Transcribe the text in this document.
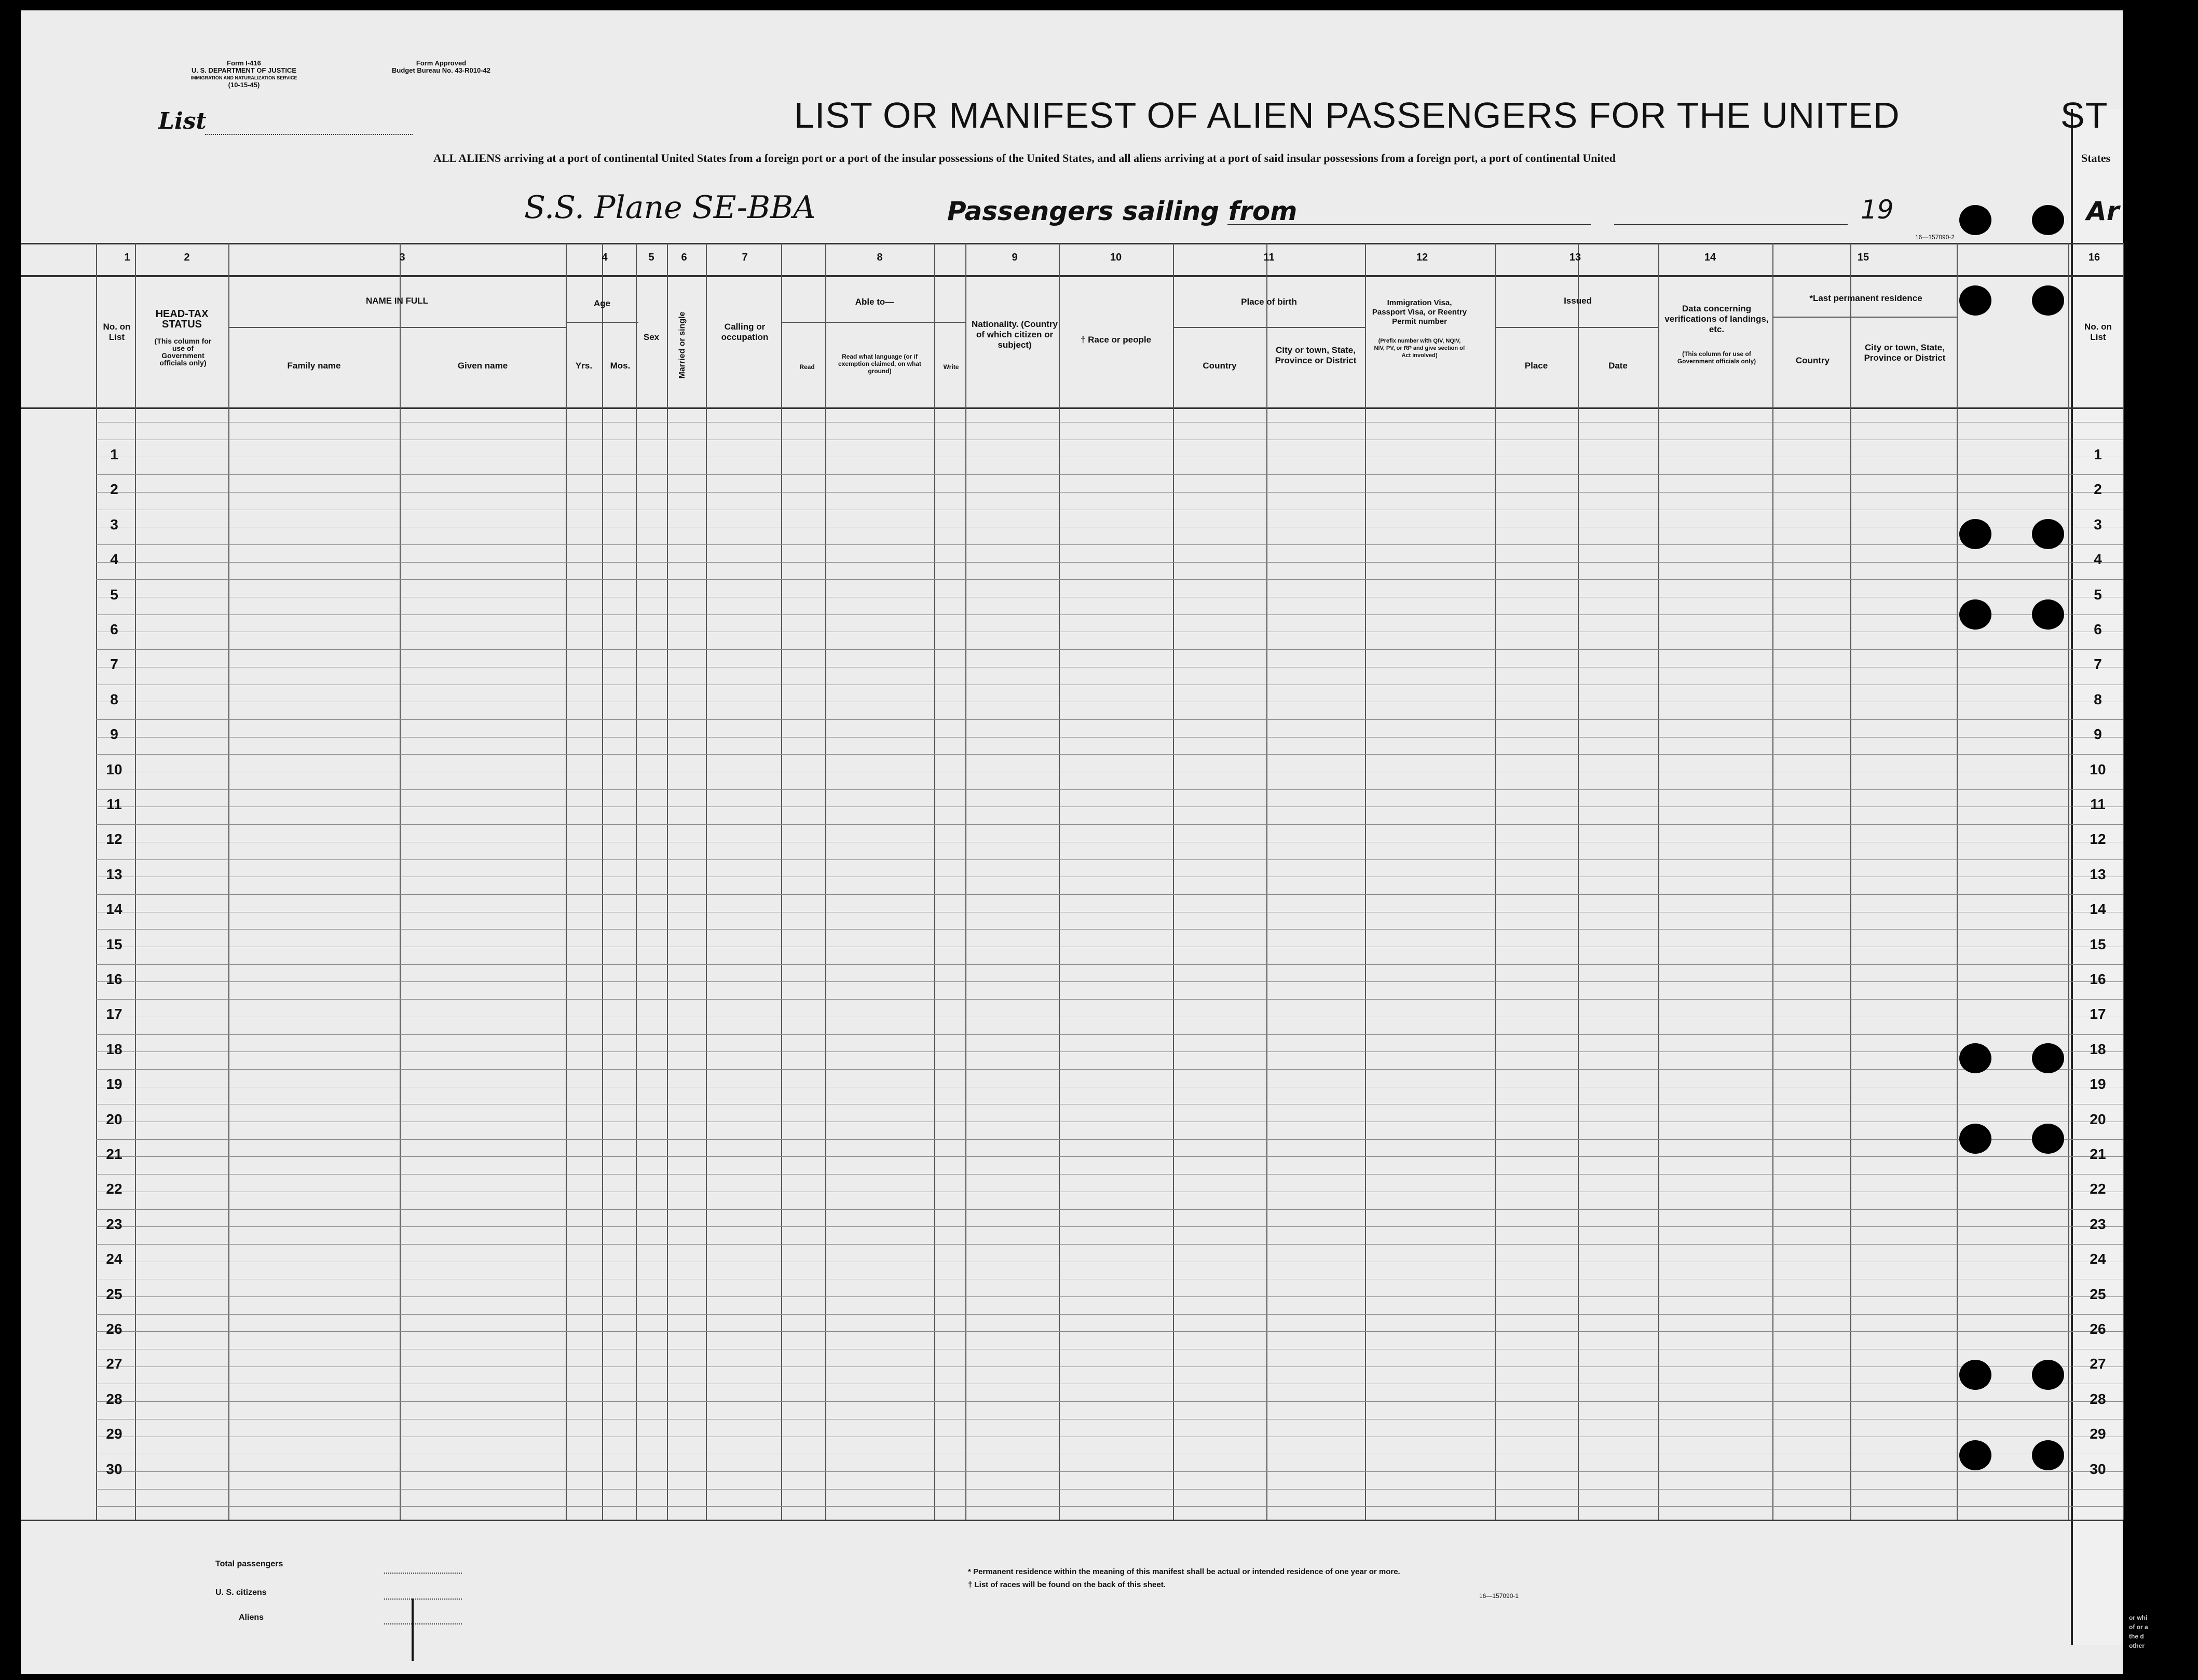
Form I-416
U. S. DEPARTMENT OF JUSTICE
IMMIGRATION AND NATURALIZATION SERVICE
(10-15-45)
Form Approved
Budget Bureau No. 43-R010-42
List	LIST OR MANIFEST OF ALIEN PASSENGERS FOR THE UNITED	ST
ALL ALIENS arriving at a port of continental United States from a foreign port or a port of the insular possessions of the United States, and all aliens arriving at a port of said insular possessions from a foreign port, a port of continental United	States
S.S. Plane SE-BBA	Passengers sailing from	19	Ar
16—157090-2
1	2	3	4	5	6	7	8	9	10	11	12	13	14	15	16
No. on List
HEAD-TAX STATUS
(This column for use of Government officials only)
NAME IN FULL
Family name	Given name
Age
Yrs.	Mos.
Sex	Married or single	Calling or occupation
Able to—
Read
Read what language (or if exemption claimed, on what ground)
Write
Nationality. (Country of which citizen or subject)
† Race or people
Place of birth
Country
City or town, State, Province or District
Immigration Visa, Passport Visa, or Reentry Permit number
(Prefix number with QIV, NQIV, NIV, PV, or RP and give section of Act involved)
Issued
Place	Date
Data concerning verifications of landings, etc.
(This column for use of Government officials only)
*Last permanent residence
Country
City or town, State, Province or District
No. on List
1	1
2	2
3	3
4	4
5	5
6	6
7	7
8	8
9	9
10	10
11	11
12	12
13	13
14	14
15	15
16	16
17	17
18	18
19	19
20	20
21	21
22	22
23	23
24	24
25	25
26	26
27	27
28	28
29	29
30	30
Total passengers
U. S. citizens
Aliens
* Permanent residence within the meaning of this manifest shall be actual or intended residence of one year or more.
† List of races will be found on the back of this sheet.
16—157090-1
or whi
of or a
the d
other
